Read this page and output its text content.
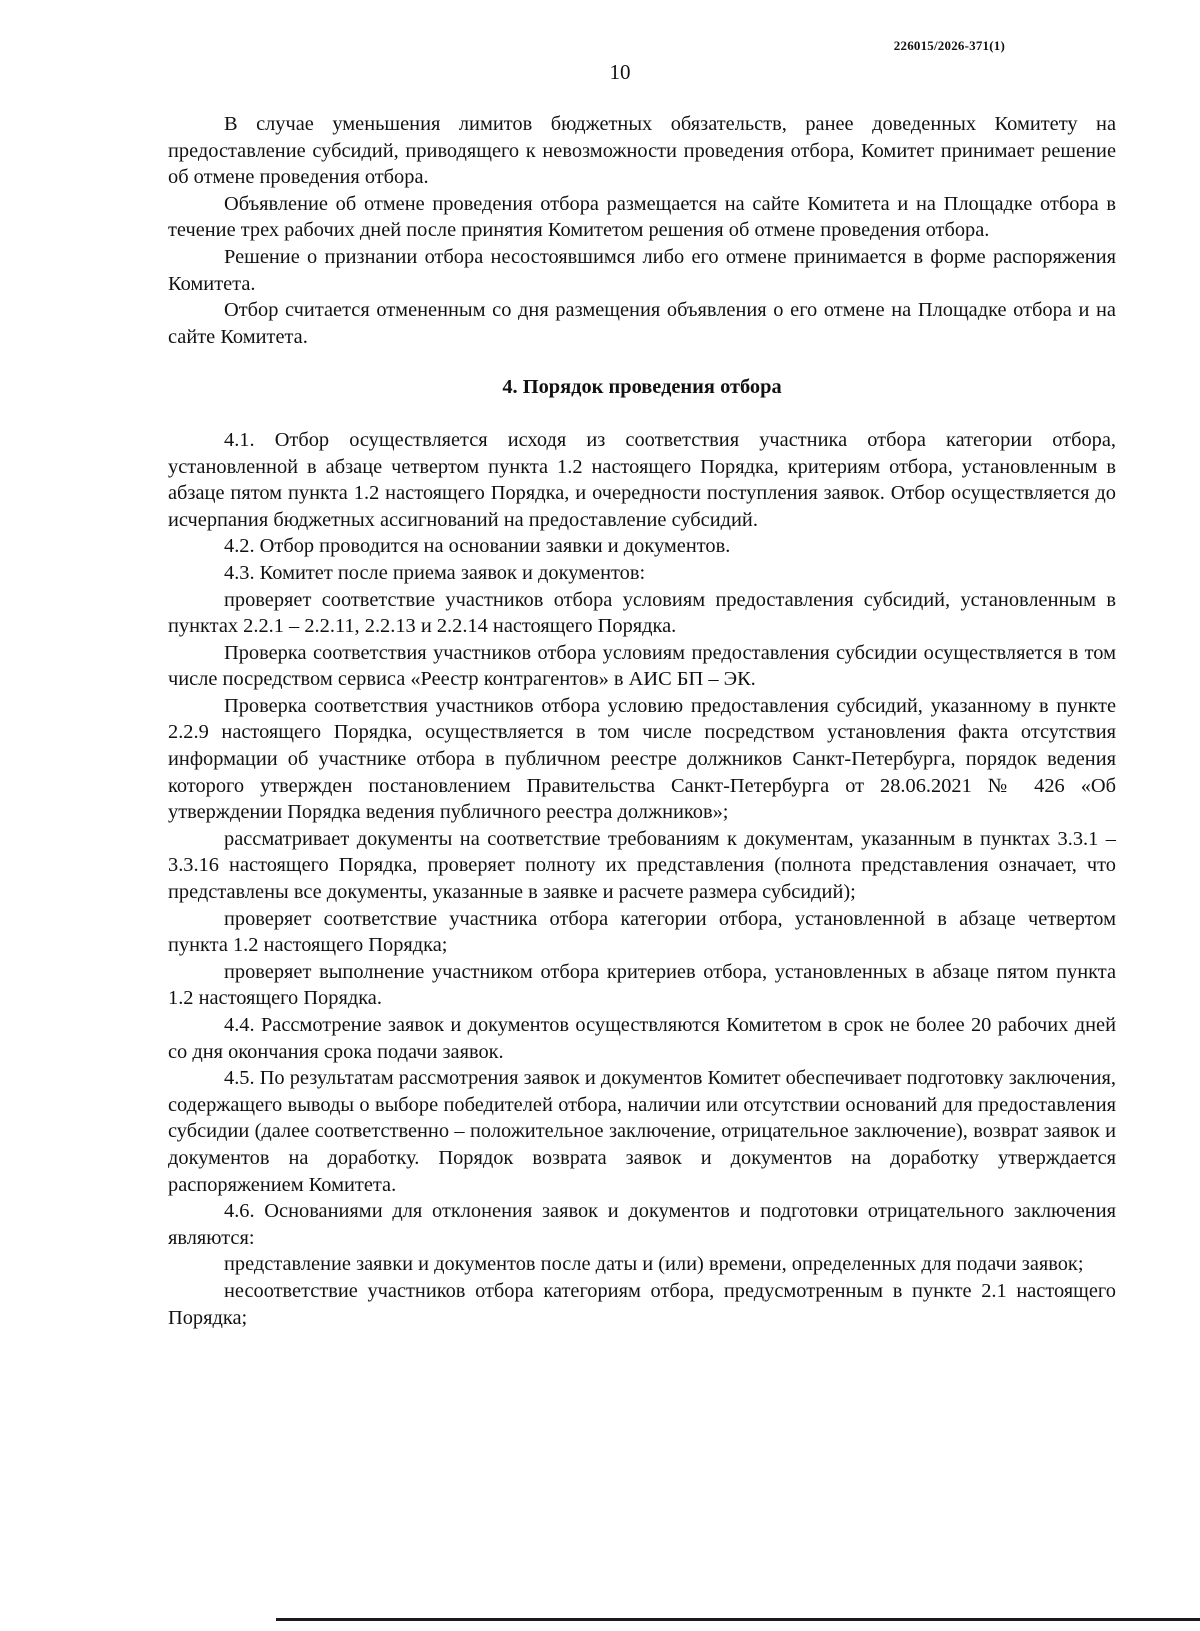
226015/2026-371(1)
10

В случае уменьшения лимитов бюджетных обязательств, ранее доведенных Комитету на предоставление субсидий, приводящего к невозможности проведения отбора, Комитет принимает решение об отмене проведения отбора.

Объявление об отмене проведения отбора размещается на сайте Комитета и на Площадке отбора в течение трех рабочих дней после принятия Комитетом решения об отмене проведения отбора.

Решение о признании отбора несостоявшимся либо его отмене принимается в форме распоряжения Комитета.

Отбор считается отмененным со дня размещения объявления о его отмене на Площадке отбора и на сайте Комитета.

4. Порядок проведения отбора

4.1. Отбор осуществляется исходя из соответствия участника отбора категории отбора, установленной в абзаце четвертом пункта 1.2 настоящего Порядка, критериям отбора, установленным в абзаце пятом пункта 1.2 настоящего Порядка, и очередности поступления заявок. Отбор осуществляется до исчерпания бюджетных ассигнований на предоставление субсидий.

4.2. Отбор проводится на основании заявки и документов.

4.3. Комитет после приема заявок и документов:

проверяет соответствие участников отбора условиям предоставления субсидий, установленным в пунктах 2.2.1 – 2.2.11, 2.2.13 и 2.2.14 настоящего Порядка.

Проверка соответствия участников отбора условиям предоставления субсидии осуществляется в том числе посредством сервиса «Реестр контрагентов» в АИС БП – ЭК.

Проверка соответствия участников отбора условию предоставления субсидий, указанному в пункте 2.2.9 настоящего Порядка, осуществляется в том числе посредством установления факта отсутствия информации об участнике отбора в публичном реестре должников Санкт-Петербурга, порядок ведения которого утвержден постановлением Правительства Санкт-Петербурга от 28.06.2021 № 426 «Об утверждении Порядка ведения публичного реестра должников»;

рассматривает документы на соответствие требованиям к документам, указанным в пунктах 3.3.1 – 3.3.16 настоящего Порядка, проверяет полноту их представления (полнота представления означает, что представлены все документы, указанные в заявке и расчете размера субсидий);

проверяет соответствие участника отбора категории отбора, установленной в абзаце четвертом пункта 1.2 настоящего Порядка;

проверяет выполнение участником отбора критериев отбора, установленных в абзаце пятом пункта 1.2 настоящего Порядка.

4.4. Рассмотрение заявок и документов осуществляются Комитетом в срок не более 20 рабочих дней со дня окончания срока подачи заявок.

4.5. По результатам рассмотрения заявок и документов Комитет обеспечивает подготовку заключения, содержащего выводы о выборе победителей отбора, наличии или отсутствии оснований для предоставления субсидии (далее соответственно – положительное заключение, отрицательное заключение), возврат заявок и документов на доработку. Порядок возврата заявок и документов на доработку утверждается распоряжением Комитета.

4.6. Основаниями для отклонения заявок и документов и подготовки отрицательного заключения являются:

представление заявки и документов после даты и (или) времени, определенных для подачи заявок;

несоответствие участников отбора категориям отбора, предусмотренным в пункте 2.1 настоящего Порядка;
